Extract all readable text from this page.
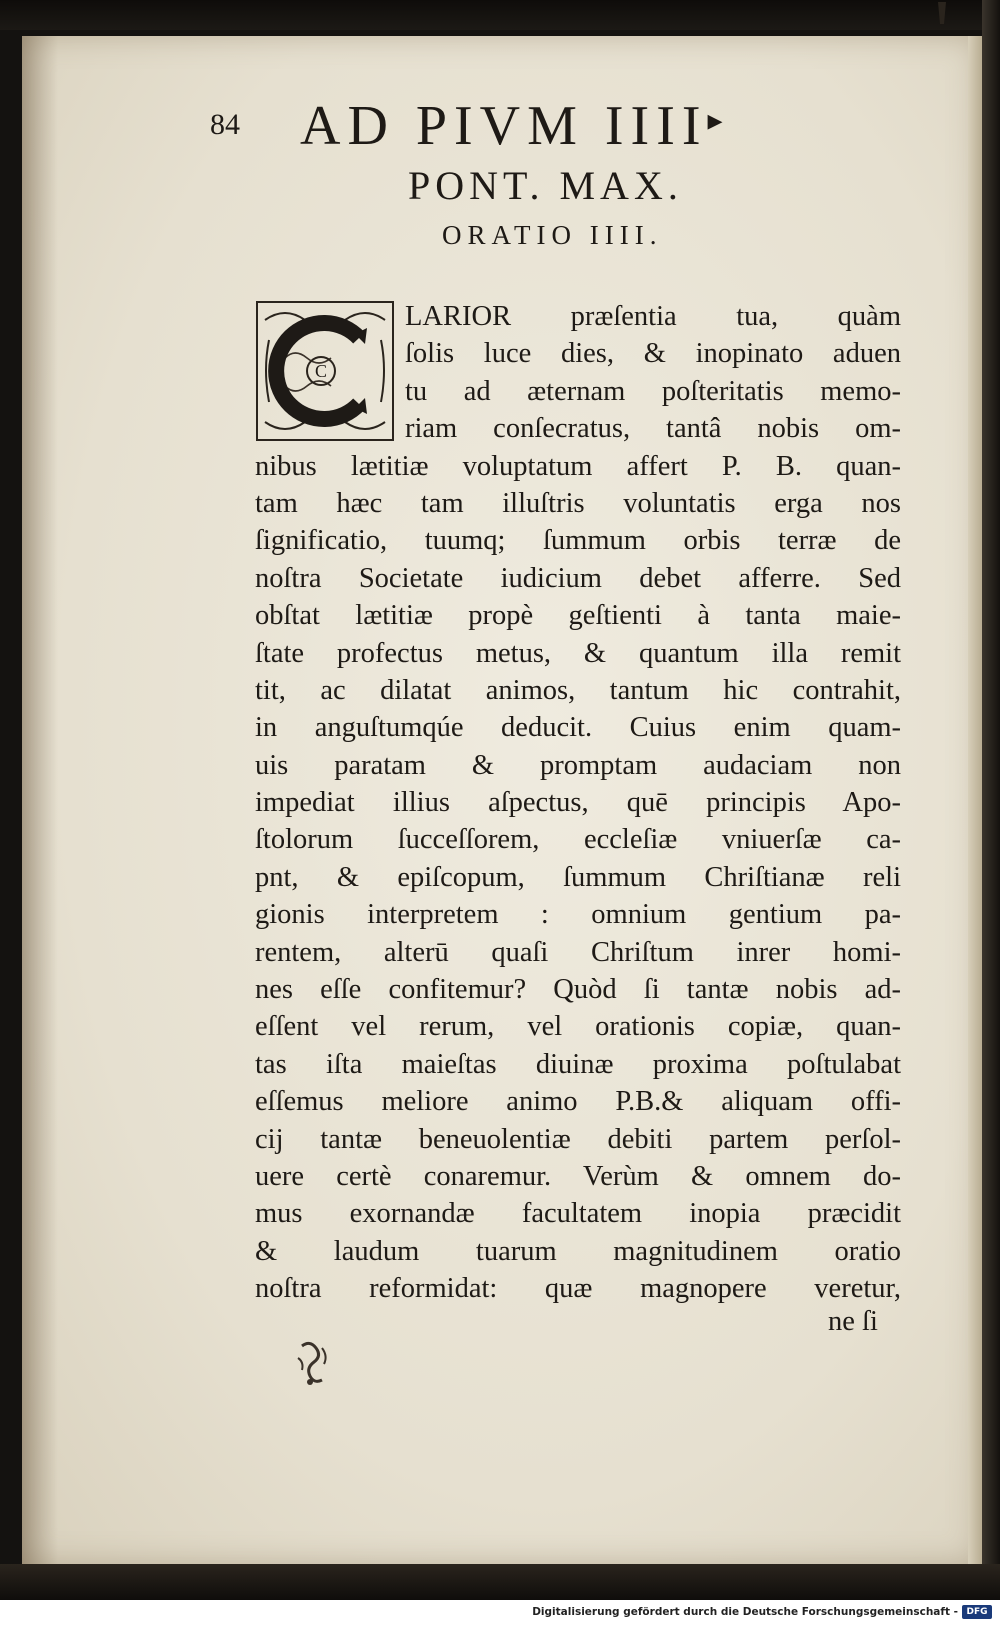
84 AD PIVM IIII▸
PONT. MAX.
ORATIO IIII.
C
LARIOR præſentia tua, quàm
ſolis luce dies, & inopinato aduen
tu ad æternam poſteritatis memo-
riam conſecratus, tantâ nobis om-
nibus lætitiæ voluptatum affert P. B. quan-
tam hæc tam illuſtris voluntatis erga nos
ſignificatio, tuumq; ſummum orbis terræ de
noſtra Societate iudicium debet afferre. Sed
obſtat lætitiæ propè geſtienti à tanta maie-
ſtate profectus metus, & quantum illa remit
tit, ac dilatat animos, tantum hic contrahit,
in anguſtumqúe deducit. Cuius enim quam-
uis paratam & promptam audaciam non
impediat illius aſpectus, quē principis Apo-
ſtolorum ſucceſſorem, eccleſiæ vniuerſæ ca-
pnt, & epiſcopum, ſummum Chriſtianæ reli
gionis interpretem : omnium gentium pa-
rentem, alterū quaſi Chriſtum inrer homi-
nes eſſe confitemur? Quòd ſi tantæ nobis ad-
eſſent vel rerum, vel orationis copiæ, quan-
tas iſta maieſtas diuinæ proxima poſtulabat
eſſemus meliore animo P.B.& aliquam offi-
cij tantæ beneuolentiæ debiti partem perſol-
uere certè conaremur. Verùm & omnem do-
mus exornandæ facultatem inopia præcidit
& laudum tuarum magnitudinem oratio
noſtra reformidat: quæ magnopere veretur,
ne ſi
Digitalisierung gefördert durch die Deutsche Forschungsgemeinschaft - DFG
